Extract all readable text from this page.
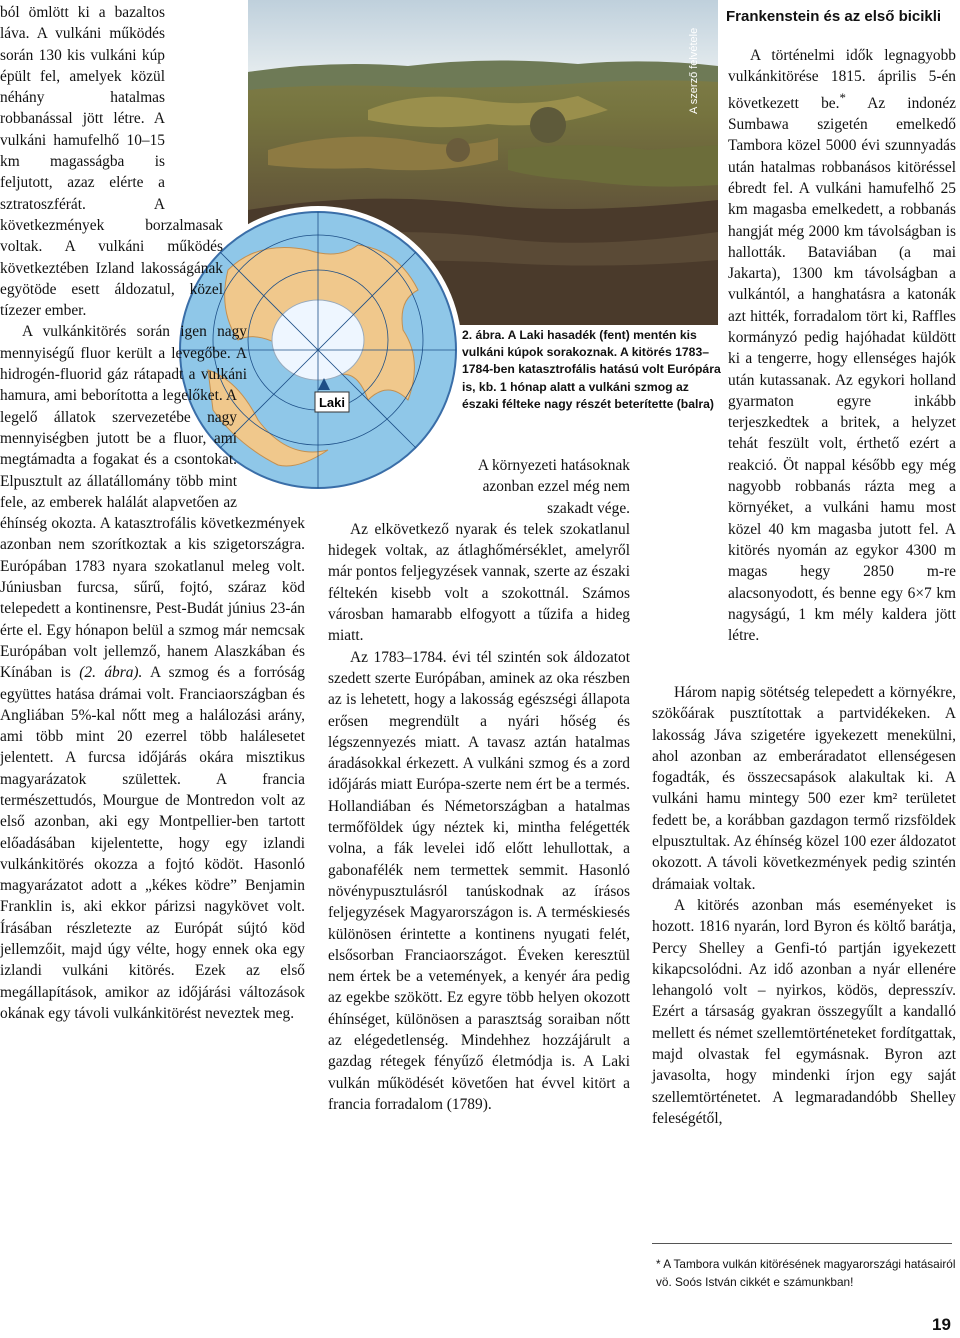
A szerző felvétele
Laki
2. ábra. A Laki hasadék (fent) mentén kis vulkáni kúpok sorakoznak. A kitörés 1783–1784-ben katasztrofális hatású volt Európára is, kb. 1 hónap alatt a vulkáni szmog az északi félteke nagy részét beterítette (balra)

ból ömlött ki a bazaltos láva. A vulkáni működés során 130 kis vulkáni kúp épült fel, amelyek közül néhány hatalmas robbanással jött létre. A vulkáni hamufelhő 10–15 km magasságba is feljutott, azaz elérte a sztratoszférát. A következmények borzalmasak voltak. A vulkáni működés következtében Izland lakosságának egyötöde esett áldozatul, közel tízezer ember.

A vulkánkitörés során igen nagy mennyiségű fluor került a levegőbe. A hidrogén-fluorid gáz rátapadt a vulkáni hamura, ami beborította a legelőket. A legelő állatok szervezetébe nagy mennyiségben jutott be a fluor, ami megtámadta a fogakat és a csontokat. Elpusztult az állatállomány több mint fele, az emberek halálát alapvetően az éhínség okozta. A katasztrofális következmények azonban nem szorítkoztak a kis szigetországra. Európában 1783 nyara szokatlanul meleg volt. Júniusban furcsa, sűrű, fojtó, száraz köd telepedett a kontinensre, Pest-Budát június 23-án érte el. Egy hónapon belül a szmog már nemcsak Európában volt jellemző, hanem Alaszkában és Kínában is (2. ábra). A szmog és a forróság együttes hatása drámai volt. Franciaországban és Angliában 5%-kal nőtt meg a halálozási arány, ami több mint 20 ezerrel több halálesetet jelentett. A furcsa időjárás okára misztikus magyarázatok születtek. A francia természettudós, Mourgue de Montredon volt az első azonban, aki egy Montpellier-ben tartott előadásában kijelentette, hogy egy izlandi vulkánkitörés okozza a fojtó ködöt. Hasonló magyarázatot adott a „kékes ködre” Benjamin Franklin is, aki ekkor párizsi nagykövet volt. Írásában részletezte az Európát sújtó köd jellemzőit, majd úgy vélte, hogy ennek oka egy izlandi vulkáni kitörés. Ezek az első megállapítások, amikor az időjárási változások okának egy távoli vulkánkitörést neveztek meg.

A környezeti hatásoknak azonban ezzel még nem szakadt vége.

Az elkövetkező nyarak és telek szokatlanul hidegek voltak, az átlaghőmérséklet, amelyről már pontos feljegyzések vannak, szerte az északi féltekén kisebb volt a szokottnál. Számos városban hamarabb elfogyott a tűzifa a hideg miatt.

Az 1783–1784. évi tél szintén sok áldozatot szedett szerte Európában, aminek az oka részben az is lehetett, hogy a lakosság egészségi állapota erősen megrendült a nyári hőség és légszennyezés miatt. A tavasz aztán hatalmas áradásokkal érkezett. A vulkáni szmog és a zord időjárás miatt Európa-szerte nem ért be a termés. Hollandiában és Németországban a hatalmas termőföldek úgy néztek ki, mintha felégették volna, a fák levelei idő előtt lehullottak, a gabonafélék nem termettek semmit. Hasonló növénypusztulásról tanúskodnak az írásos feljegyzések Magyarországon is. A terméskiesés különösen érintette a kontinens nyugati felét, elsősorban Franciaországot. Éveken keresztül nem értek be a vetemények, a kenyér ára pedig az egekbe szökött. Ez egyre több helyen okozott éhínséget, különösen a parasztság soraiban nőtt az elégedetlenség. Mindehhez hozzájárult a gazdag rétegek fényűző életmódja is. A Laki vulkán működését követően hat évvel kitört a francia forradalom (1789).

Frankenstein és az első bicikli

A történelmi idők legnagyobb vulkánkitörése 1815. április 5-én következett be.* Az indonéz Sumbawa szigetén emelkedő Tambora közel 5000 évi szunnyadás után hatalmas robbanásos kitöréssel ébredt fel. A vulkáni hamufelhő 25 km magasba emelkedett, a robbanás hangját még 2000 km távolságban is hallották. Bataviában (a mai Jakarta), 1300 km távolságban a vulkántól, a hanghatásra a katonák azt hitték, forradalom tört ki, Raffles kormányzó pedig hajóhadat küldött ki a tengerre, hogy ellenséges hajók után kutassanak. Az egykori holland gyarmaton egyre inkább terjeszkedtek a britek, a helyzet tehát feszült volt, érthető ezért a reakció. Öt nappal később egy még nagyobb robbanás rázta meg a környéket, a vulkáni hamu most közel 40 km magasba jutott fel. A kitörés nyomán az egykor 4300 m magas hegy 2850 m-re alacsonyodott, és benne egy 6×7 km nagyságú, 1 km mély kaldera jött létre.

Három napig sötétség telepedett a környékre, szökőárak pusztítottak a partvidékeken. A lakosság Jáva szigetére igyekezett menekülni, ahol azonban az emberáradatot ellenségesen fogadták, és összecsapások alakultak ki. A vulkáni hamu mintegy 500 ezer km² területet fedett be, a korábban gazdagon termő rizsföldek elpusztultak. Az éhínség közel 100 ezer áldozatot okozott. A távoli következmények pedig szintén drámaiak voltak.

A kitörés azonban más eseményeket is hozott. 1816 nyarán, lord Byron és költő barátja, Percy Shelley a Genfi-tó partján igyekezett kikapcsolódni. Az idő azonban a nyár ellenére lehangoló volt – nyirkos, ködös, depresszív. Ezért a társaság gyakran összegyűlt a kandalló mellett és német szellemtörténeteket fordítgattak, majd olvastak fel egymásnak. Byron azt javasolta, hogy mindenki írjon egy saját szellemtörténetet. A legmaradandóbb Shelley feleségétől,

* A Tambora vulkán kitörésének magyarországi hatásairól vö. Soós István cikkét e számunkban!
19
